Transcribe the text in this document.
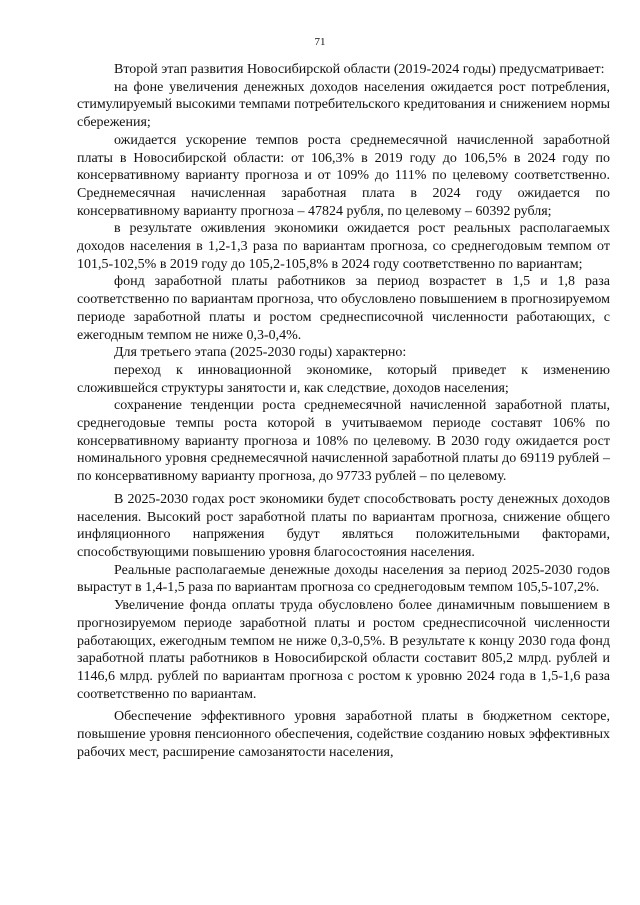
71

Второй этап развития Новосибирской области (2019-2024 годы) предусматривает:

на фоне увеличения денежных доходов населения ожидается рост потребления, стимулируемый высокими темпами потребительского кредитования и снижением нормы сбережения;

ожидается ускорение темпов роста среднемесячной начисленной заработной платы в Новосибирской области: от 106,3% в 2019 году до 106,5% в 2024 году по консервативному варианту прогноза и от 109% до 111% по целевому соответственно. Среднемесячная начисленная заработная плата в 2024 году ожидается по консервативному варианту прогноза – 47824 рубля, по целевому – 60392 рубля;

в результате оживления экономики ожидается рост реальных располагаемых доходов населения в 1,2-1,3 раза по вариантам прогноза, со среднегодовым темпом от 101,5-102,5% в 2019 году до 105,2-105,8% в 2024 году соответственно по вариантам;

фонд заработной платы работников за период возрастет в 1,5 и 1,8 раза соответственно по вариантам прогноза, что обусловлено повышением в прогнозируемом периоде заработной платы и ростом среднесписочной численности работающих, с ежегодным темпом не ниже 0,3-0,4%.

Для третьего этапа (2025-2030 годы) характерно:

переход к инновационной экономике, который приведет к изменению сложившейся структуры занятости и, как следствие, доходов населения;

сохранение тенденции роста среднемесячной начисленной заработной платы, среднегодовые темпы роста которой в учитываемом периоде составят 106% по консервативному варианту прогноза и 108% по целевому. В 2030 году ожидается рост номинального уровня среднемесячной начисленной заработной платы до 69119 рублей – по консервативному варианту прогноза, до 97733 рублей – по целевому.

В 2025-2030 годах рост экономики будет способствовать росту денежных доходов населения. Высокий рост заработной платы по вариантам прогноза, снижение общего инфляционного напряжения будут являться положительными факторами, способствующими повышению уровня благосостояния населения.

Реальные располагаемые денежные доходы населения за период 2025-2030 годов вырастут в 1,4-1,5 раза по вариантам прогноза со среднегодовым темпом 105,5-107,2%.

Увеличение фонда оплаты труда обусловлено более динамичным повышением в прогнозируемом периоде заработной платы и ростом среднесписочной численности работающих, ежегодным темпом не ниже 0,3-0,5%. В результате к концу 2030 года фонд заработной платы работников в Новосибирской области составит 805,2 млрд. рублей и 1146,6 млрд. рублей по вариантам прогноза с ростом к уровню 2024 года в 1,5-1,6 раза соответственно по вариантам.

Обеспечение эффективного уровня заработной платы в бюджетном секторе, повышение уровня пенсионного обеспечения, содействие созданию новых эффективных рабочих мест, расширение самозанятости населения,
